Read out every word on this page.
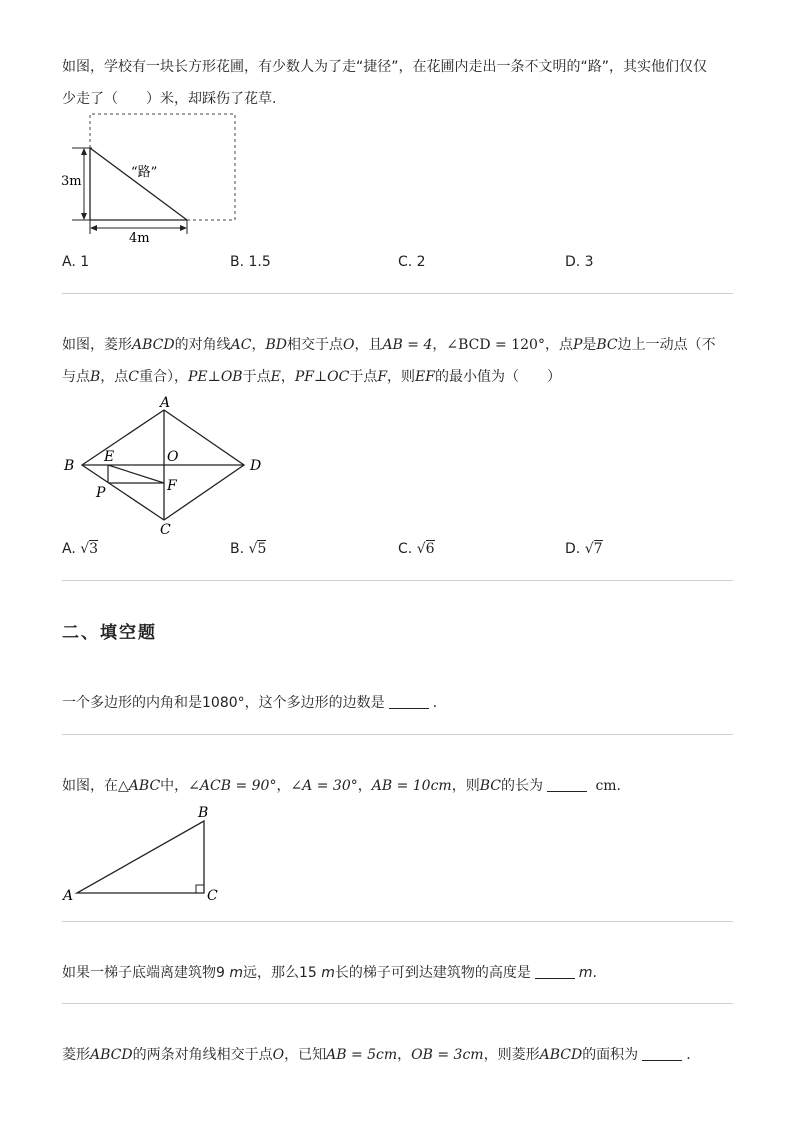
如图，学校有一块长方形花圃，有少数人为了走“捷径”，在花圃内走出一条不文明的“路”，其实他们仅仅
少走了（　　）米，却踩伤了花草.
3m
4m
“路”
A. 1	B. 1.5	C. 2	D. 3
如图，菱形ABCD的对角线AC，BD相交于点O，且AB = 4，∠BCD = 120°，点P是BC边上一动点（不
与点B，点C重合），PE⊥OB于点E，PF⊥OC于点F，则EF的最小值为（　　）
A
B
C
D
O
E
F
P
A. √3	B. √5	C. √6	D. √7
二、填空题
一个多边形的内角和是1080°，这个多边形的边数是	.
如图，在△ABC中，∠ACB = 90°，∠A = 30°，AB = 10cm，则BC的长为	cm.
A
B
C
如果一梯子底端离建筑物9 m远，那么15 m长的梯子可到达建筑物的高度是	m.
菱形ABCD的两条对角线相交于点O，已知AB = 5cm，OB = 3cm，则菱形ABCD的面积为	.
